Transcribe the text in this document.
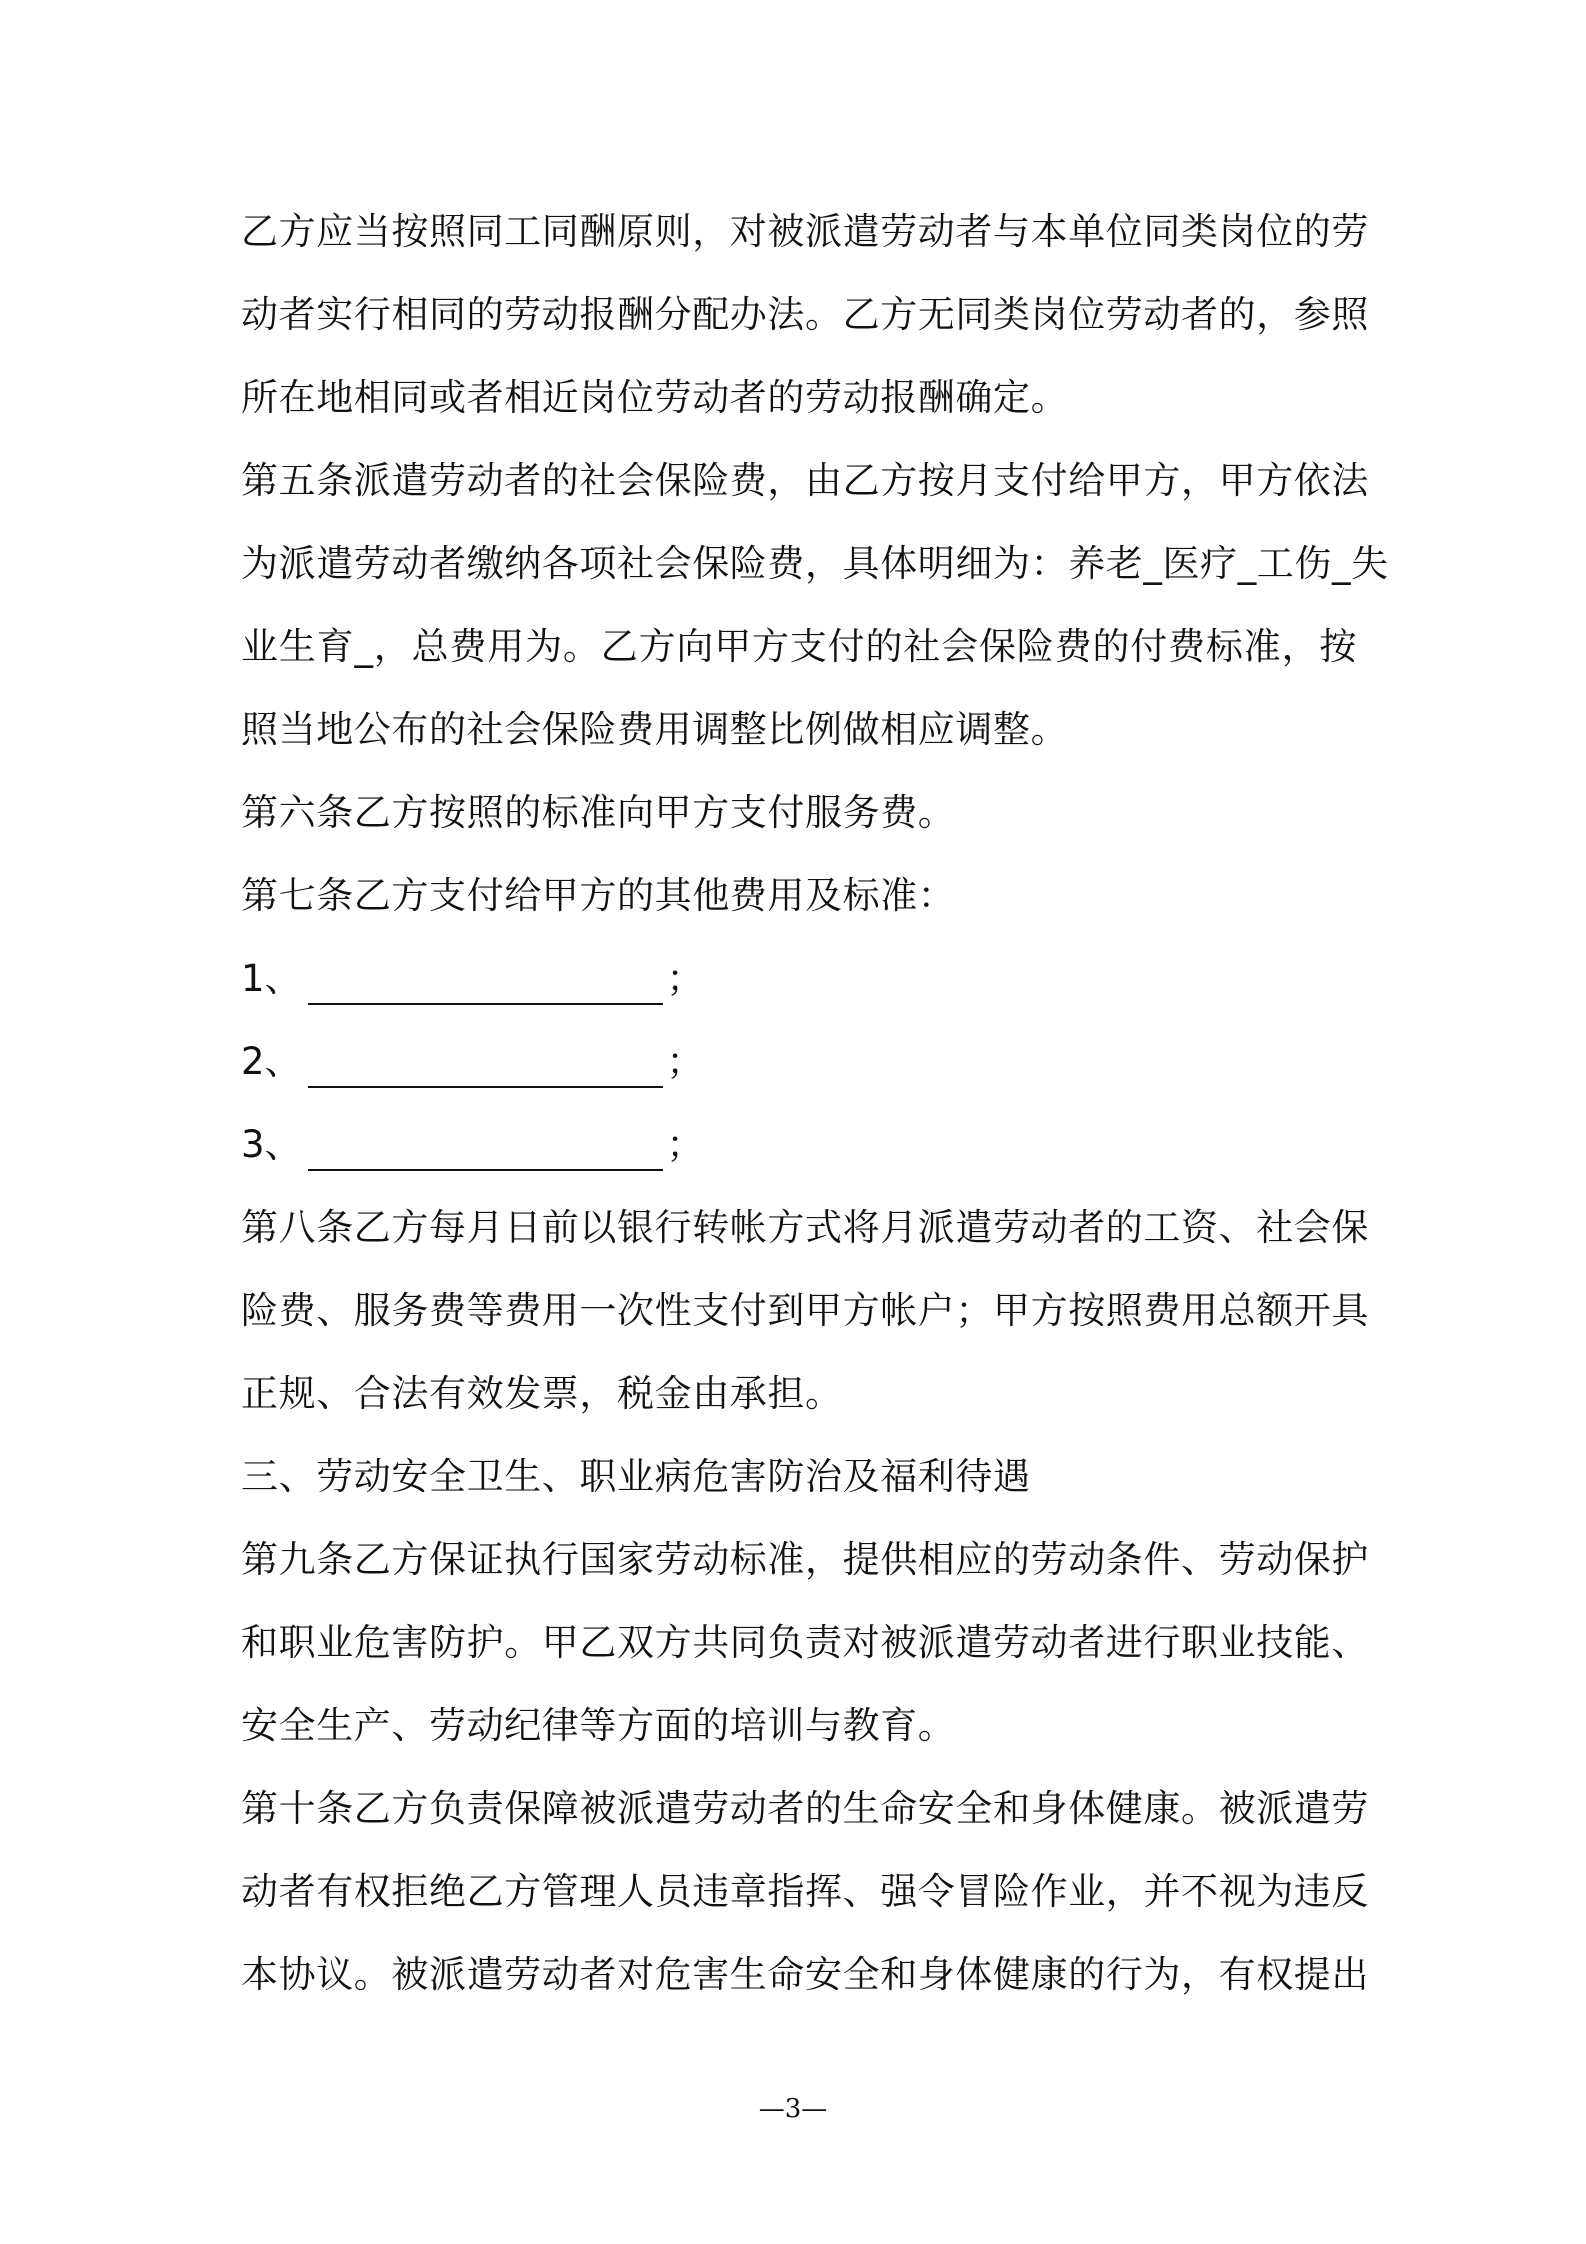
乙方应当按照同工同酬原则，对被派遣劳动者与本单位同类岗位的劳
动者实行相同的劳动报酬分配办法。乙方无同类岗位劳动者的，参照
所在地相同或者相近岗位劳动者的劳动报酬确定。
第五条派遣劳动者的社会保险费，由乙方按月支付给甲方，甲方依法
为派遣劳动者缴纳各项社会保险费，具体明细为：养老_医疗_工伤_失
业生育_，总费用为。乙方向甲方支付的社会保险费的付费标准，按
照当地公布的社会保险费用调整比例做相应调整。
第六条乙方按照的标准向甲方支付服务费。
第七条乙方支付给甲方的其他费用及标准：
1、	；
2、	；
3、	；
第八条乙方每月日前以银行转帐方式将月派遣劳动者的工资、社会保
险费、服务费等费用一次性支付到甲方帐户；甲方按照费用总额开具
正规、合法有效发票，税金由承担。
三、劳动安全卫生、职业病危害防治及福利待遇
第九条乙方保证执行国家劳动标准，提供相应的劳动条件、劳动保护
和职业危害防护。甲乙双方共同负责对被派遣劳动者进行职业技能、
安全生产、劳动纪律等方面的培训与教育。
第十条乙方负责保障被派遣劳动者的生命安全和身体健康。被派遣劳
动者有权拒绝乙方管理人员违章指挥、强令冒险作业，并不视为违反
本协议。被派遣劳动者对危害生命安全和身体健康的行为，有权提出
—3—
